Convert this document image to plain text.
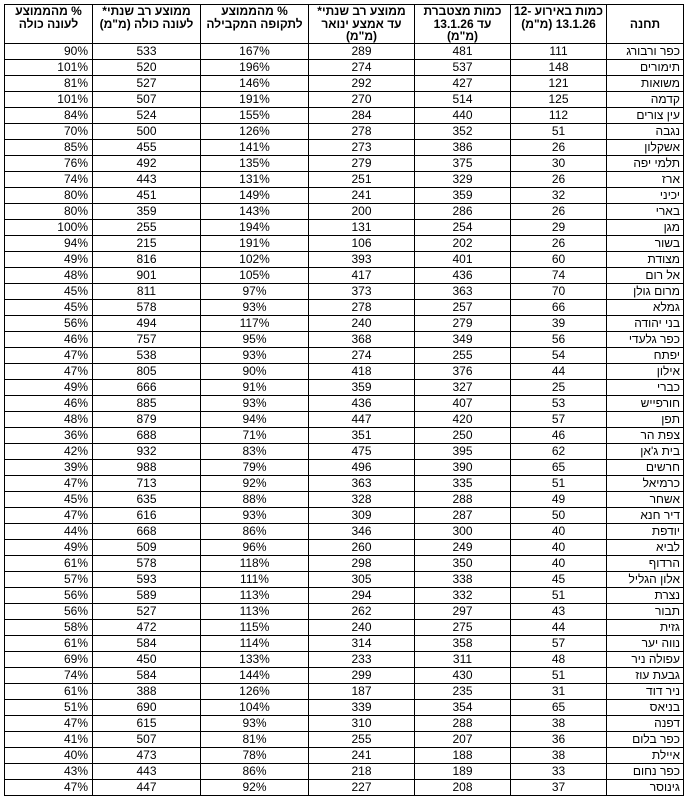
תחנה	כמות באירוע 12-13.1.26 (מ"מ)	כמות מצטברת עד 13.1.26 (מ"מ)	ממוצע רב שנתי* עד אמצע ינואר (מ"מ)	% מהממוצע לתקופה המקבילה	ממוצע רב שנתי* לעונה כולה (מ"מ)	% מהממוצע לעונה כולה
כפר ורבורג	111	481	289	167%	533	90%
תימורים	148	537	274	196%	520	101%
משואות	121	427	292	146%	527	81%
קדמה	125	514	270	191%	507	101%
עין צורים	112	440	284	155%	524	84%
נגבה	51	352	278	126%	500	70%
אשקלון	26	386	273	141%	455	85%
תלמי יפה	30	375	279	135%	492	76%
ארז	26	329	251	131%	443	74%
יכיני	32	359	241	149%	451	80%
בארי	26	286	200	143%	359	80%
מגן	29	254	131	194%	255	100%
בשור	26	202	106	191%	215	94%
מצודת	60	401	393	102%	816	49%
אל רום	74	436	417	105%	901	48%
מרום גולן	70	363	373	97%	811	45%
גמלא	66	257	278	93%	578	45%
בני יהודה	39	279	240	117%	494	56%
כפר גלעדי	56	349	368	95%	757	46%
יפתח	54	255	274	93%	538	47%
אילון	44	376	418	90%	805	47%
כברי	25	327	359	91%	666	49%
חורפייש	53	407	436	93%	885	46%
תפן	57	420	447	94%	879	48%
צפת הר	46	250	351	71%	688	36%
בית ג'אן	62	395	475	83%	932	42%
חרשים	65	390	496	79%	988	39%
כרמיאל	51	335	363	92%	713	47%
אשחר	49	288	328	88%	635	45%
דיר חנא	50	287	309	93%	616	47%
יודפת	40	300	346	86%	668	44%
לביא	40	249	260	96%	509	49%
הרדוף	40	350	298	118%	578	61%
אלון הגליל	45	338	305	111%	593	57%
נצרת	51	332	294	113%	589	56%
תבור	43	297	262	113%	527	56%
גזית	44	275	240	115%	472	58%
נווה יער	57	358	314	114%	584	61%
עפולה ניר	48	311	233	133%	450	69%
גבעת עוז	51	430	299	144%	584	74%
ניר דוד	31	235	187	126%	388	61%
בניאס	65	354	339	104%	690	51%
דפנה	38	288	310	93%	615	47%
כפר בלום	36	207	255	81%	507	41%
איילת	38	188	241	78%	473	40%
כפר נחום	33	189	218	86%	443	43%
גינוסר	37	208	227	92%	447	47%
